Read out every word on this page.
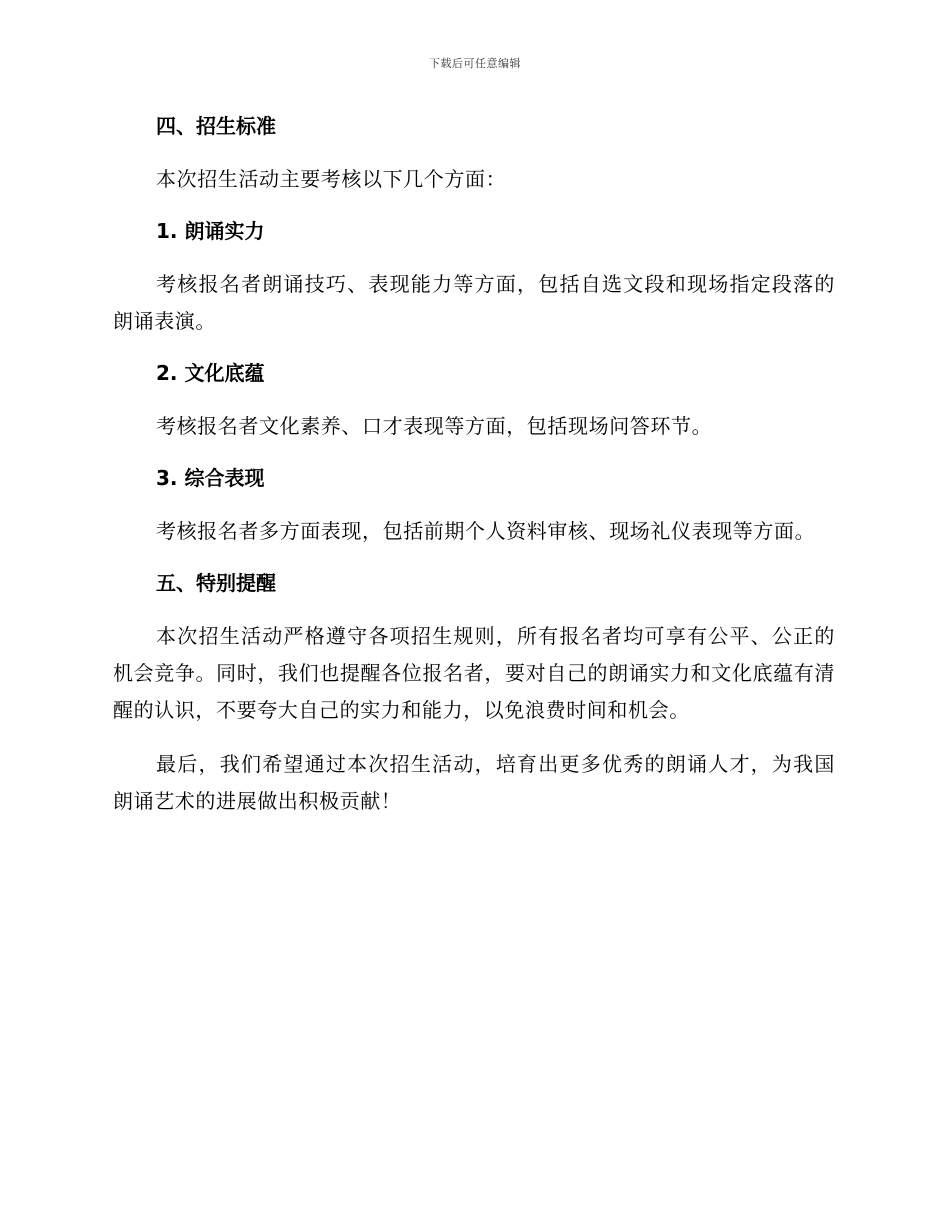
下载后可任意编辑
四、招生标准

本次招生活动主要考核以下几个方面：

1. 朗诵实力

考核报名者朗诵技巧、表现能力等方面，包括自选文段和现场指定段落的朗诵表演。

2. 文化底蕴

考核报名者文化素养、口才表现等方面，包括现场问答环节。

3. 综合表现

考核报名者多方面表现，包括前期个人资料审核、现场礼仪表现等方面。

五、特别提醒

本次招生活动严格遵守各项招生规则，所有报名者均可享有公平、公正的机会竞争。同时，我们也提醒各位报名者，要对自己的朗诵实力和文化底蕴有清醒的认识，不要夸大自己的实力和能力，以免浪费时间和机会。

最后，我们希望通过本次招生活动，培育出更多优秀的朗诵人才，为我国朗诵艺术的进展做出积极贡献！
